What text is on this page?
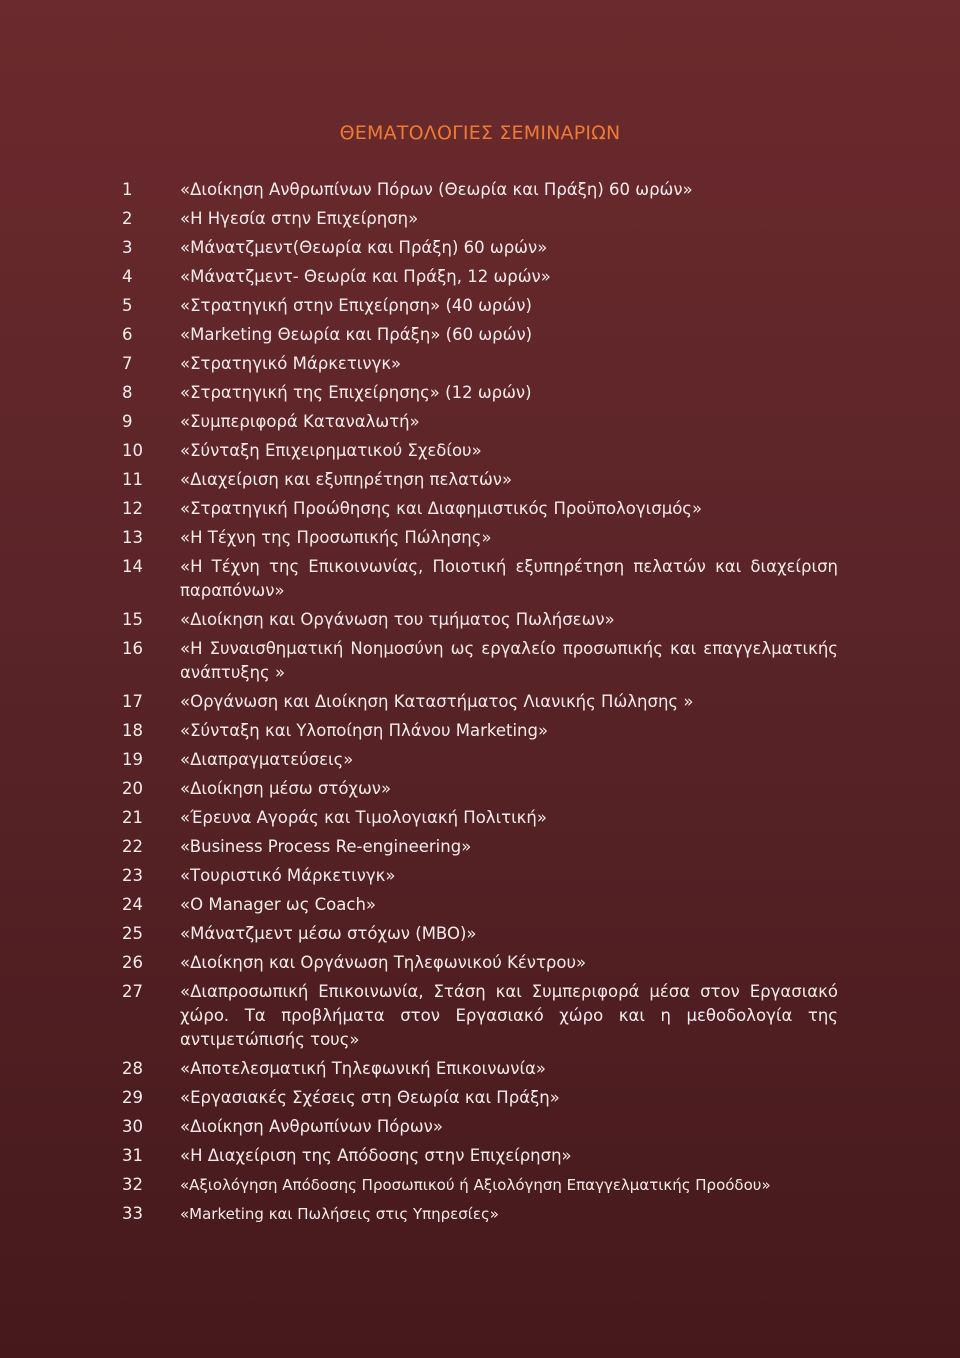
ΘΕΜΑΤΟΛΟΓΙΕΣ ΣΕΜΙΝΑΡΙΩΝ
1	«Διοίκηση Ανθρωπίνων Πόρων (Θεωρία και Πράξη) 60 ωρών»
2	«Η Ηγεσία στην Επιχείρηση»
3	«Μάνατζμεντ(Θεωρία και Πράξη) 60 ωρών»
4	«Μάνατζμεντ- Θεωρία και Πράξη, 12 ωρών»
5	«Στρατηγική στην Επιχείρηση» (40 ωρών)
6	«Marketing Θεωρία και Πράξη» (60 ωρών)
7	«Στρατηγικό Μάρκετινγκ»
8	«Στρατηγική της Επιχείρησης» (12 ωρών)
9	«Συμπεριφορά Καταναλωτή»
10	«Σύνταξη Επιχειρηματικού Σχεδίου»
11	«Διαχείριση και εξυπηρέτηση πελατών»
12	«Στρατηγική Προώθησης και Διαφημιστικός Προϋπολογισμός»
13	«Η Τέχνη της Προσωπικής Πώλησης»
14	«Η Τέχνη της Επικοινωνίας, Ποιοτική εξυπηρέτηση πελατών και διαχείριση παραπόνων»
15	«Διοίκηση και Οργάνωση του τμήματος Πωλήσεων»
16	«Η Συναισθηματική Νοημοσύνη ως εργαλείο προσωπικής και επαγγελματικής ανάπτυξης »
17	«Οργάνωση και Διοίκηση Καταστήματος Λιανικής Πώλησης »
18	«Σύνταξη και Υλοποίηση Πλάνου Marketing»
19	«Διαπραγματεύσεις»
20	«Διοίκηση μέσω στόχων»
21	«Έρευνα Αγοράς και Τιμολογιακή Πολιτική»
22	«Business Process Re-engineering»
23	«Τουριστικό Μάρκετινγκ»
24	«Ο Manager ως Coach»
25	«Μάνατζμεντ μέσω στόχων (MBO)»
26	«Διοίκηση και Οργάνωση Τηλεφωνικού Κέντρου»
27	«Διαπροσωπική Επικοινωνία, Στάση και Συμπεριφορά μέσα στον Εργασιακό χώρο. Τα προβλήματα στον Εργασιακό χώρο και η μεθοδολογία της αντιμετώπισής τους»
28	«Αποτελεσματική Τηλεφωνική Επικοινωνία»
29	«Εργασιακές Σχέσεις στη Θεωρία και Πράξη»
30	«Διοίκηση Ανθρωπίνων Πόρων»
31	«Η Διαχείριση της Απόδοσης στην Επιχείρηση»
32	«Αξιολόγηση Απόδοσης Προσωπικού ή Αξιολόγηση Επαγγελματικής Προόδου»
33	«Marketing και Πωλήσεις στις Υπηρεσίες»
